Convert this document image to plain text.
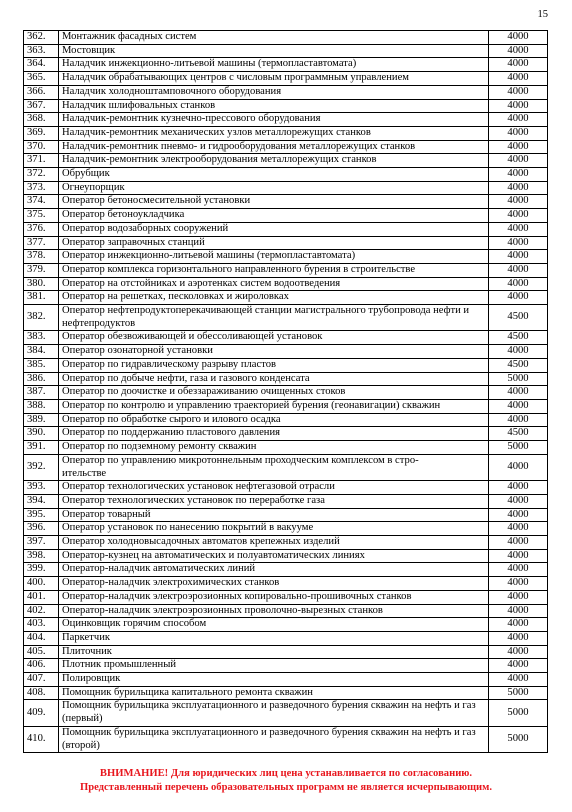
15
362.	Монтажник фасадных систем	4000
363.	Мостовщик	4000
364.	Наладчик инжекционно-литьевой машины (термопластавтомата)	4000
365.	Наладчик обрабатывающих центров с числовым программным управлением	4000
366.	Наладчик холодноштамповочного оборудования	4000
367.	Наладчик шлифовальных станков	4000
368.	Наладчик-ремонтник кузнечно-прессового оборудования	4000
369.	Наладчик-ремонтник механических узлов металлорежущих станков	4000
370.	Наладчик-ремонтник пневмо- и гидрооборудования металлорежущих станков	4000
371.	Наладчик-ремонтник электрооборудования металлорежущих станков	4000
372.	Обрубщик	4000
373.	Огнеупорщик	4000
374.	Оператор бетоносмесительной установки	4000
375.	Оператор бетоноукладчика	4000
376.	Оператор водозаборных сооружений	4000
377.	Оператор заправочных станций	4000
378.	Оператор инжекционно-литьевой машины (термопластавтомата)	4000
379.	Оператор комплекса горизонтального направленного бурения в строительстве	4000
380.	Оператор на отстойниках и аэротенках систем водоотведения	4000
381.	Оператор на решетках, песколовках и жироловках	4000
382.	Оператор нефтепродуктоперекачивающей станции магистрального трубопровода нефти и нефтепродуктов	4500
383.	Оператор обезвоживающей и обессоливающей установок	4500
384.	Оператор озонаторной установки	4000
385.	Оператор по гидравлическому разрыву пластов	4500
386.	Оператор по добыче нефти, газа и газового конденсата	5000
387.	Оператор по доочистке и обеззараживанию очищенных стоков	4000
388.	Оператор по контролю и управлению траекторией бурения (геонавигации) скважин	4000
389.	Оператор по обработке сырого и илового осадка	4000
390.	Оператор по поддержанию пластового давления	4500
391.	Оператор по подземному ремонту скважин	5000
392.	Оператор по управлению микротоннельным проходческим комплексом в стро-
ительстве	4000
393.	Оператор технологических установок нефтегазовой отрасли	4000
394.	Оператор технологических установок по переработке газа	4000
395.	Оператор товарный	4000
396.	Оператор установок по нанесению покрытий в вакууме	4000
397.	Оператор холодновысадочных автоматов крепежных изделий	4000
398.	Оператор-кузнец на автоматических и полуавтоматических линиях	4000
399.	Оператор-наладчик автоматических линий	4000
400.	Оператор-наладчик электрохимических станков	4000
401.	Оператор-наладчик электроэрозионных копировально-прошивочных станков	4000
402.	Оператор-наладчик электроэрозионных проволочно-вырезных станков	4000
403.	Оцинковщик горячим способом	4000
404.	Паркетчик	4000
405.	Плиточник	4000
406.	Плотник промышленный	4000
407.	Полировщик	4000
408.	Помощник бурильщика капитального ремонта скважин	5000
409.	Помощник бурильщика эксплуатационного и разведочного бурения скважин на нефть и газ (первый)	5000
410.	Помощник бурильщика эксплуатационного и разведочного бурения скважин на нефть и газ (второй)	5000
ВНИМАНИЕ! Для юридических лиц цена устанавливается по согласованию.
Представленный перечень образовательных программ не является исчерпывающим.
